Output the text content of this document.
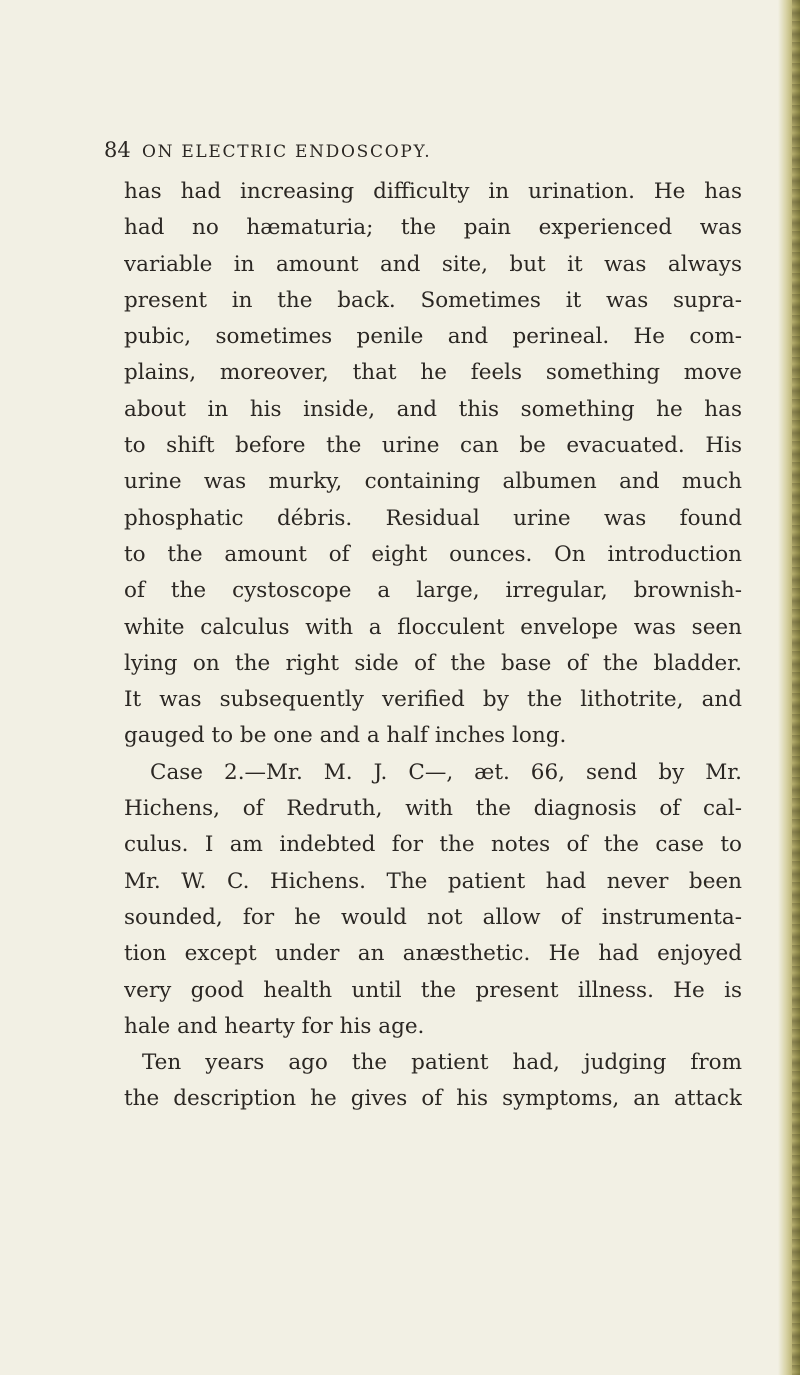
84 ON ELECTRIC ENDOSCOPY.
has had increasing difficulty in urination. He has
had no hæmaturia; the pain experienced was
variable in amount and site, but it was always
present in the back. Sometimes it was supra-
pubic, sometimes penile and perineal. He com-
plains, moreover, that he feels something move
about in his inside, and this something he has
to shift before the urine can be evacuated. His
urine was murky, containing albumen and much
phosphatic débris. Residual urine was found
to the amount of eight ounces. On introduction
of the cystoscope a large, irregular, brownish-
white calculus with a flocculent envelope was seen
lying on the right side of the base of the bladder.
It was subsequently verified by the lithotrite, and
gauged to be one and a half inches long.
Case 2.—Mr. M. J. C—, æt. 66, send by Mr.
Hichens, of Redruth, with the diagnosis of cal-
culus. I am indebted for the notes of the case to
Mr. W. C. Hichens. The patient had never been
sounded, for he would not allow of instrumenta-
tion except under an anæsthetic. He had enjoyed
very good health until the present illness. He is
hale and hearty for his age.
Ten years ago the patient had, judging from
the description he gives of his symptoms, an attack
